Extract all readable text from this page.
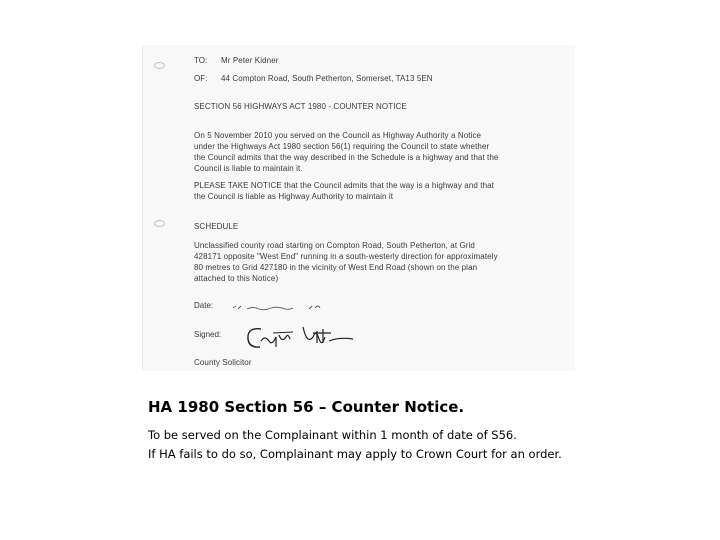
TO: Mr Peter Kidner
OF: 44 Compton Road, South Petherton, Somerset, TA13 5EN
SECTION 56 HIGHWAYS ACT 1980 - COUNTER NOTICE
On 5 November 2010 you served on the Council as Highway Authority a Notice
under the Highways Act 1980 section 56(1) requiring the Council to state whether
the Council admits that the way described in the Schedule is a highway and that the
Council is liable to maintain it.
PLEASE TAKE NOTICE that the Council admits that the way is a highway and that
the Council is liable as Highway Authority to maintain it
SCHEDULE
Unclassified county road starting on Compton Road, South Petherton, at Grid
428171 opposite "West End" running in a south-westerly direction for approximately
80 metres to Grid 427180 in the vicinity of West End Road (shown on the plan
attached to this Notice)
Date:
Signed:
County Solicitor
HA 1980 Section 56 – Counter Notice.
To be served on the Complainant within 1 month of date of S56.
If HA fails to do so, Complainant may apply to Crown Court for an order.
